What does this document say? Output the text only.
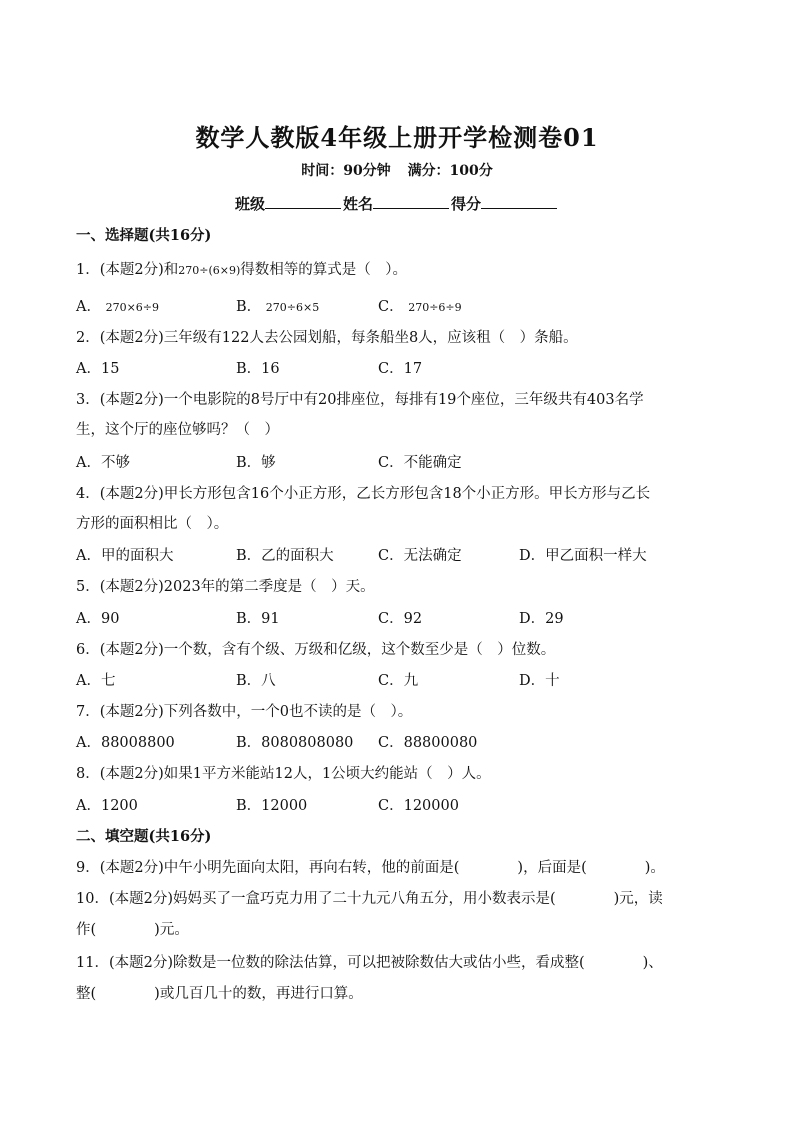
数学人教版4年级上册开学检测卷01
时间：90分钟 满分：100分
班级	姓名	得分
一、选择题(共16分)
1．(本题2分)和270÷(6×9)得数相等的算式是（　）。
A． 270×6÷9	B． 270÷6×5	C． 270÷6÷9
2．(本题2分)三年级有122人去公园划船，每条船坐8人，应该租（　）条船。
A．15	B．16	C．17
3．(本题2分)一个电影院的8号厅中有20排座位，每排有19个座位，三年级共有403名学
生，这个厅的座位够吗？（　）
A．不够	B．够	C．不能确定
4．(本题2分)甲长方形包含16个小正方形，乙长方形包含18个小正方形。甲长方形与乙长
方形的面积相比（　）。
A．甲的面积大	B．乙的面积大	C．无法确定	D．甲乙面积一样大
5．(本题2分)2023年的第二季度是（　）天。
A．90	B．91	C．92	D．29
6．(本题2分)一个数，含有个级、万级和亿级，这个数至少是（　）位数。
A．七	B．八	C．九	D．十
7．(本题2分)下列各数中，一个0也不读的是（　）。
A．88008800	B．8080808080 C．88800080
8．(本题2分)如果1平方米能站12人，1公顷大约能站（　）人。
A．1200	B．12000	C．120000
二、填空题(共16分)
9．(本题2分)中午小明先面向太阳，再向右转，他的前面是(　　　　)，后面是(　　　　)。
10．(本题2分)妈妈买了一盒巧克力用了二十九元八角五分，用小数表示是(　　　　)元，读
作(　　　　)元。
11．(本题2分)除数是一位数的除法估算，可以把被除数估大或估小些，看成整(　　　　)、
整(　　　　)或几百几十的数，再进行口算。
